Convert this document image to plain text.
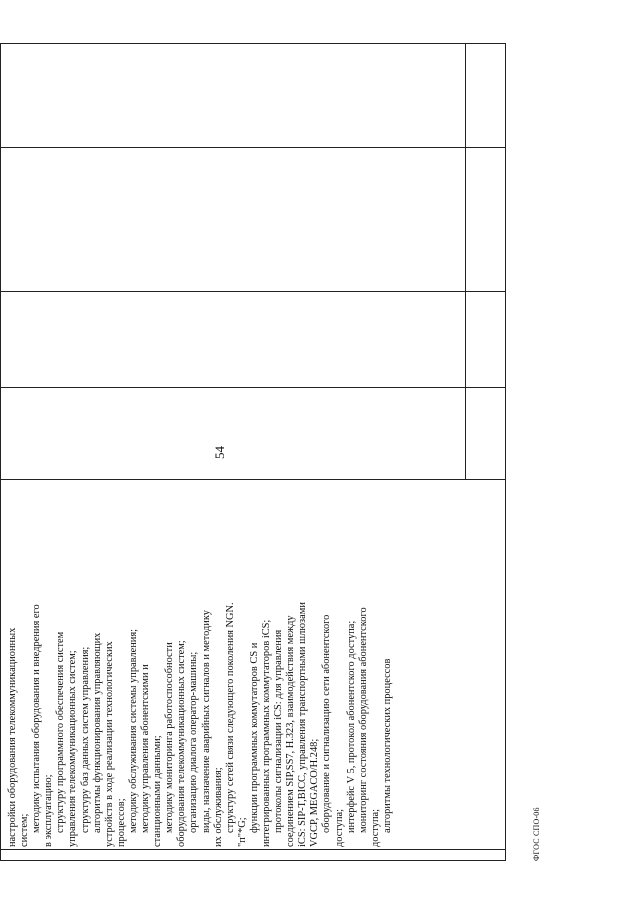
настройки оборудования телекоммуникационных систем; методику испытания оборудования и внедрения его в эксплуатацию; структуру программного обеспечения систем управления телекоммуникационных систем; структуру баз данных систем управления; алгоритмы функционирования управляющих устройств в ходе реализации технологических процессов; методику обслуживания системы управления; методику управления абонентскими и станционными данными; методику мониторинга работоспособности оборудования телекоммуникационных систем; организацию диалога оператор-машины; виды, назначение аварийных сигналов и методику их обслуживания; структуру сетей связи следующего поколения NGN. "п"*G; функции программных коммутаторов CS и интегрированных программных коммутаторов iCS; протоколы сигнализации iCS: для управления соединением SIP,SS7, H.323, взаимодействия между iCS: SIP-T,BICC, управления транспортными шлюзами VGCP, MEGACO/H.248; оборудование и сигнализацию сети абонентского доступа; интерфейс V 5, протокол абонентского доступа; мониторинг состояния оборудования абонентского доступа; алгоритмы технологических процессов
54
ФГОС СПО-06
